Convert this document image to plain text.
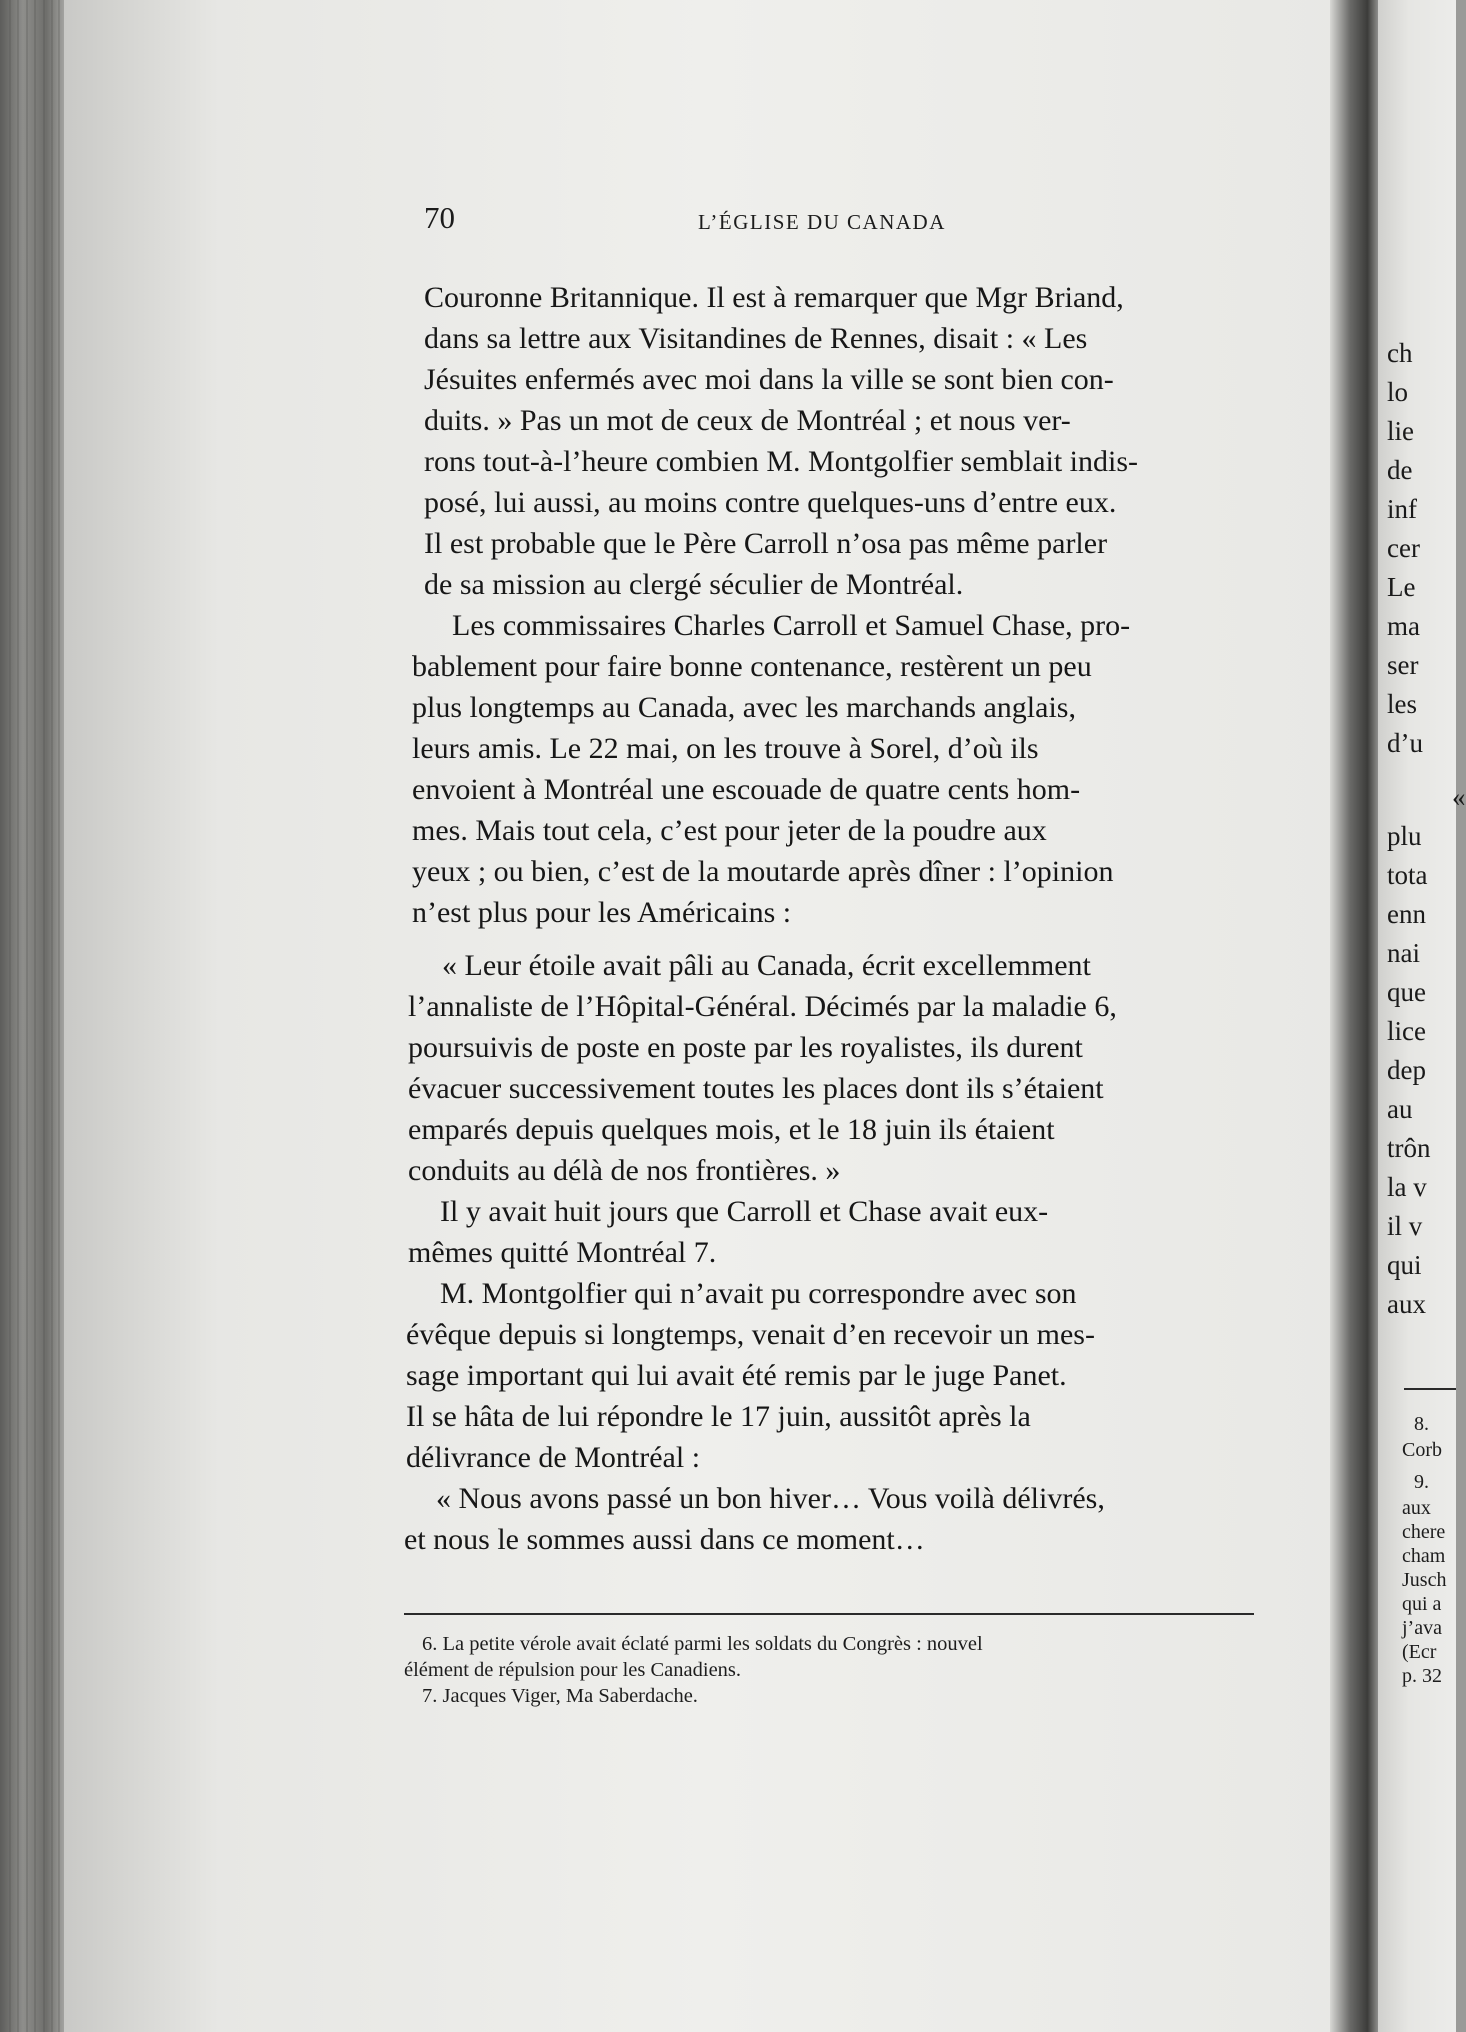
70	L’ÉGLISE DU CANADA
Couronne Britannique. Il est à remarquer que Mgr Briand,
dans sa lettre aux Visitandines de Rennes, disait : « Les
Jésuites enfermés avec moi dans la ville se sont bien con-
duits. » Pas un mot de ceux de Montréal ; et nous ver-
rons tout-à-l’heure combien M. Montgolfier semblait indis-
posé, lui aussi, au moins contre quelques-uns d’entre eux.
Il est probable que le Père Carroll n’osa pas même parler
de sa mission au clergé séculier de Montréal.
Les commissaires Charles Carroll et Samuel Chase, pro-
bablement pour faire bonne contenance, restèrent un peu
plus longtemps au Canada, avec les marchands anglais,
leurs amis. Le 22 mai, on les trouve à Sorel, d’où ils
envoient à Montréal une escouade de quatre cents hom-
mes. Mais tout cela, c’est pour jeter de la poudre aux
yeux ; ou bien, c’est de la moutarde après dîner : l’opinion
n’est plus pour les Américains :
« Leur étoile avait pâli au Canada, écrit excellemment
l’annaliste de l’Hôpital-Général. Décimés par la maladie 6,
poursuivis de poste en poste par les royalistes, ils durent
évacuer successivement toutes les places dont ils s’étaient
emparés depuis quelques mois, et le 18 juin ils étaient
conduits au délà de nos frontières. »
Il y avait huit jours que Carroll et Chase avait eux-
mêmes quitté Montréal 7.
M. Montgolfier qui n’avait pu correspondre avec son
évêque depuis si longtemps, venait d’en recevoir un mes-
sage important qui lui avait été remis par le juge Panet.
Il se hâta de lui répondre le 17 juin, aussitôt après la
délivrance de Montréal :
« Nous avons passé un bon hiver… Vous voilà délivrés,
et nous le sommes aussi dans ce moment…
6. La petite vérole avait éclaté parmi les soldats du Congrès : nouvel
élément de répulsion pour les Canadiens.
7. Jacques Viger, Ma Saberdache.
ch
lo
lie
de
inf
cer
Le
ma
ser
les
d’u
«
plu
tota
enn
nai
que
lice
dep
au
trôn
la v
il v
qui
aux
8.
Corb
9.
aux
chere
cham
Jusch
qui a
j’ava
(Ecr
p. 32
